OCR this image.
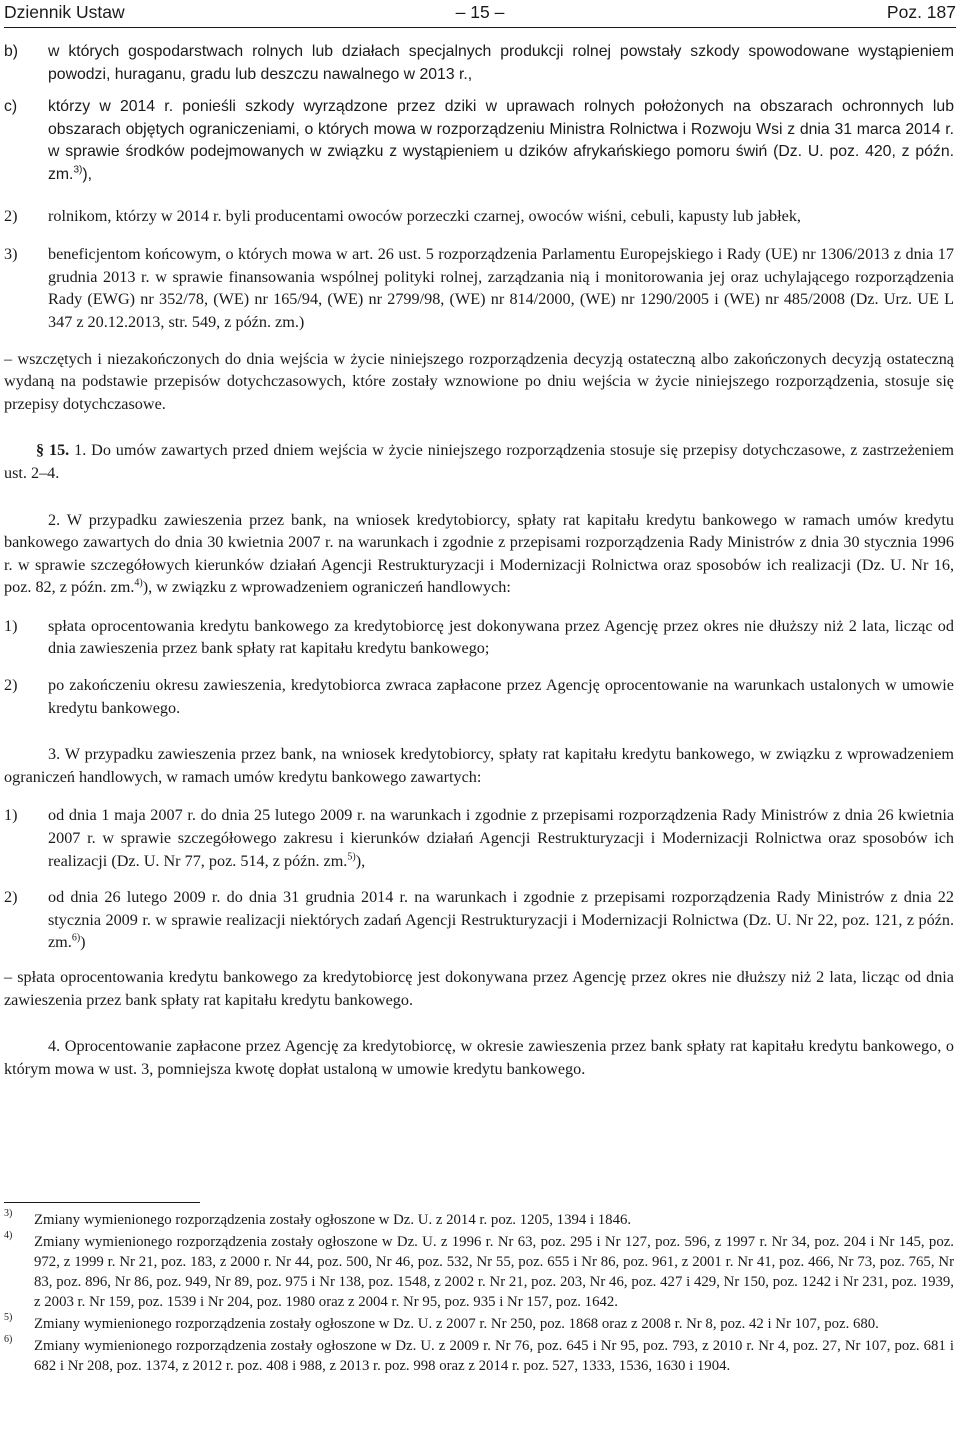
Dziennik Ustaw	– 15 –	Poz. 187
b) w których gospodarstwach rolnych lub działach specjalnych produkcji rolnej powstały szkody spowodowane wystąpieniem powodzi, huraganu, gradu lub deszczu nawalnego w 2013 r.,
c) którzy w 2014 r. ponieśli szkody wyrządzone przez dziki w uprawach rolnych położonych na obszarach ochronnych lub obszarach objętych ograniczeniami, o których mowa w rozporządzeniu Ministra Rolnictwa i Rozwoju Wsi z dnia 31 marca 2014 r. w sprawie środków podejmowanych w związku z wystąpieniem u dzików afrykańskiego pomoru świń (Dz. U. poz. 420, z późn. zm.$^{3)}$),
2) rolnikom, którzy w 2014 r. byli producentami owoców porzeczki czarnej, owoców wiśni, cebuli, kapusty lub jabłek,
3) beneficjentom końcowym, o których mowa w art. 26 ust. 5 rozporządzenia Parlamentu Europejskiego i Rady (UE) nr 1306/2013 z dnia 17 grudnia 2013 r. w sprawie finansowania wspólnej polityki rolnej, zarządzania nią i monitorowania jej oraz uchylającego rozporządzenia Rady (EWG) nr 352/78, (WE) nr 165/94, (WE) nr 2799/98, (WE) nr 814/2000, (WE) nr 1290/2005 i (WE) nr 485/2008 (Dz. Urz. UE L 347 z 20.12.2013, str. 549, z późn. zm.)
– wszczętych i niezakończonych do dnia wejścia w życie niniejszego rozporządzenia decyzją ostateczną albo zakończonych decyzją ostateczną wydaną na podstawie przepisów dotychczasowych, które zostały wznowione po dniu wejścia w życie niniejszego rozporządzenia, stosuje się przepisy dotychczasowe.
§ 15. 1. Do umów zawartych przed dniem wejścia w życie niniejszego rozporządzenia stosuje się przepisy dotychczasowe, z zastrzeżeniem ust. 2–4.
2. W przypadku zawieszenia przez bank, na wniosek kredytobiorcy, spłaty rat kapitału kredytu bankowego w ramach umów kredytu bankowego zawartych do dnia 30 kwietnia 2007 r. na warunkach i zgodnie z przepisami rozporządzenia Rady Ministrów z dnia 30 stycznia 1996 r. w sprawie szczegółowych kierunków działań Agencji Restrukturyzacji i Modernizacji Rolnictwa oraz sposobów ich realizacji (Dz. U. Nr 16, poz. 82, z późn. zm.$^{4)}$), w związku z wprowadzeniem ograniczeń handlowych:
1) spłata oprocentowania kredytu bankowego za kredytobiorcę jest dokonywana przez Agencję przez okres nie dłuższy niż 2 lata, licząc od dnia zawieszenia przez bank spłaty rat kapitału kredytu bankowego;
2) po zakończeniu okresu zawieszenia, kredytobiorca zwraca zapłacone przez Agencję oprocentowanie na warunkach ustalonych w umowie kredytu bankowego.
3. W przypadku zawieszenia przez bank, na wniosek kredytobiorcy, spłaty rat kapitału kredytu bankowego, w związku z wprowadzeniem ograniczeń handlowych, w ramach umów kredytu bankowego zawartych:
1) od dnia 1 maja 2007 r. do dnia 25 lutego 2009 r. na warunkach i zgodnie z przepisami rozporządzenia Rady Ministrów z dnia 26 kwietnia 2007 r. w sprawie szczegółowego zakresu i kierunków działań Agencji Restrukturyzacji i Modernizacji Rolnictwa oraz sposobów ich realizacji (Dz. U. Nr 77, poz. 514, z późn. zm.$^{5)}$),
2) od dnia 26 lutego 2009 r. do dnia 31 grudnia 2014 r. na warunkach i zgodnie z przepisami rozporządzenia Rady Ministrów z dnia 22 stycznia 2009 r. w sprawie realizacji niektórych zadań Agencji Restrukturyzacji i Modernizacji Rolnictwa (Dz. U. Nr 22, poz. 121, z późn. zm.$^{6)}$)
– spłata oprocentowania kredytu bankowego za kredytobiorcę jest dokonywana przez Agencję przez okres nie dłuższy niż 2 lata, licząc od dnia zawieszenia przez bank spłaty rat kapitału kredytu bankowego.
4. Oprocentowanie zapłacone przez Agencję za kredytobiorcę, w okresie zawieszenia przez bank spłaty rat kapitału kredytu bankowego, o którym mowa w ust. 3, pomniejsza kwotę dopłat ustaloną w umowie kredytu bankowego.
3) Zmiany wymienionego rozporządzenia zostały ogłoszone w Dz. U. z 2014 r. poz. 1205, 1394 i 1846.
4) Zmiany wymienionego rozporządzenia zostały ogłoszone w Dz. U. z 1996 r. Nr 63, poz. 295 i Nr 127, poz. 596, z 1997 r. Nr 34, poz. 204 i Nr 145, poz. 972, z 1999 r. Nr 21, poz. 183, z 2000 r. Nr 44, poz. 500, Nr 46, poz. 532, Nr 55, poz. 655 i Nr 86, poz. 961, z 2001 r. Nr 41, poz. 466, Nr 73, poz. 765, Nr 83, poz. 896, Nr 86, poz. 949, Nr 89, poz. 975 i Nr 138, poz. 1548, z 2002 r. Nr 21, poz. 203, Nr 46, poz. 427 i 429, Nr 150, poz. 1242 i Nr 231, poz. 1939, z 2003 r. Nr 159, poz. 1539 i Nr 204, poz. 1980 oraz z 2004 r. Nr 95, poz. 935 i Nr 157, poz. 1642.
5) Zmiany wymienionego rozporządzenia zostały ogłoszone w Dz. U. z 2007 r. Nr 250, poz. 1868 oraz z 2008 r. Nr 8, poz. 42 i Nr 107, poz. 680.
6) Zmiany wymienionego rozporządzenia zostały ogłoszone w Dz. U. z 2009 r. Nr 76, poz. 645 i Nr 95, poz. 793, z 2010 r. Nr 4, poz. 27, Nr 107, poz. 681 i 682 i Nr 208, poz. 1374, z 2012 r. poz. 408 i 988, z 2013 r. poz. 998 oraz z 2014 r. poz. 527, 1333, 1536, 1630 i 1904.
